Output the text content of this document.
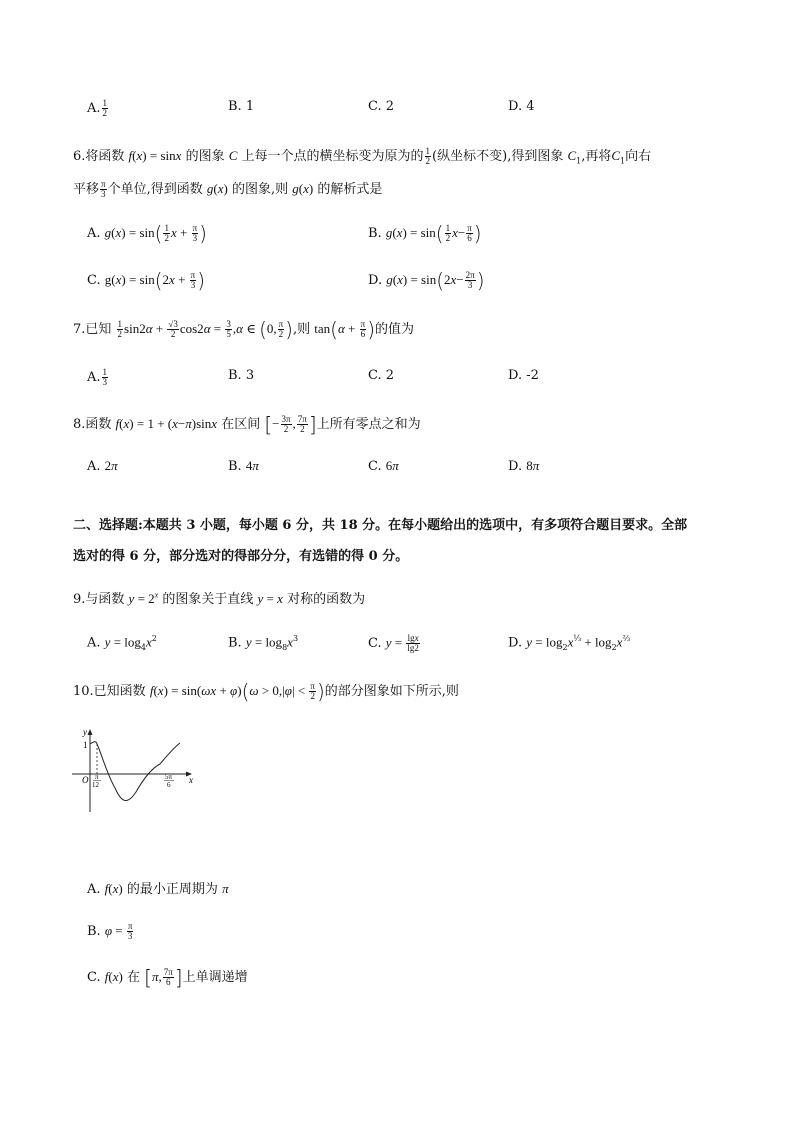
A. $\frac{1}{2}$	B. 1	C. 2	D. 4
6.将函数 f(x) = sinx 的图象 C 上每一个点的横坐标变为原为的 $\frac{1}{2}$ (纵坐标不变),得到图象 $C_1$,再将$C_1$向右
平移 $\frac{\pi}{3}$ 个单位,得到函数 g(x) 的图象,则 g(x) 的解析式是
A. $g(x) = \sin( \frac{1}{2}$ $x + \frac{\pi}{3}$ )	B. $g(x) = \sin( \frac{1}{2} x- \frac{\pi}{6}$ )
C. $g(x) = \sin(2x + \frac{\pi}{3}$ )	D. $g(x) = \sin(2x- \frac{2\pi}{3}$ )
7.已知 $\frac{1}{2} \sin 2\alpha + \frac{√3}{2} \cos 2\alpha = \frac{3}{5} ,\alpha$ ∈ (0, $\frac{\pi}{2}$ ),则 $\tan(\alpha + \frac{\pi}{6}$ )的值为
A. $\frac{1}{3}$	B. 3	C. 2	D. -2
8.函数 f(x) = 1 + (x−π)sinx 在区间 [− $\frac{3\pi}{2}$ , $\frac{7\pi}{2}$ ]上所有零点之和为
A. 2π	B. 4π	C. 6π	D. 8π
二、选择题:本题共 3 小题，每小题 6 分，共 18 分。在每小题给出的选项中，有多项符合题目要求。全部
选对的得 6 分，部分选对的得部分分，有选错的得 0 分。
9.与函数 $y = 2^x$ 的图象关于直线 y = x 对称的函数为
A. $y = \log_4x^2$	B. $y = \log_8x^3$	C. $y = \frac{\lg x}{\lg 2}$	D. $y = \log_2x^{\frac{1}{3}} + \log_2x^{\frac{2}{3}}$
10.已知函数 $f(x) = \sin(\omega x + \varphi)(\omega > 0,|\varphi| < \frac{\pi}{2}$ )的部分图象如下所示,则
y
x
O
1
π
12
5π
6
A. f(x) 的最小正周期为 π
B. $\varphi = \frac{\pi}{3}$
C. f(x) 在 [π, $\frac{7\pi}{6}$ ]上单调递增
